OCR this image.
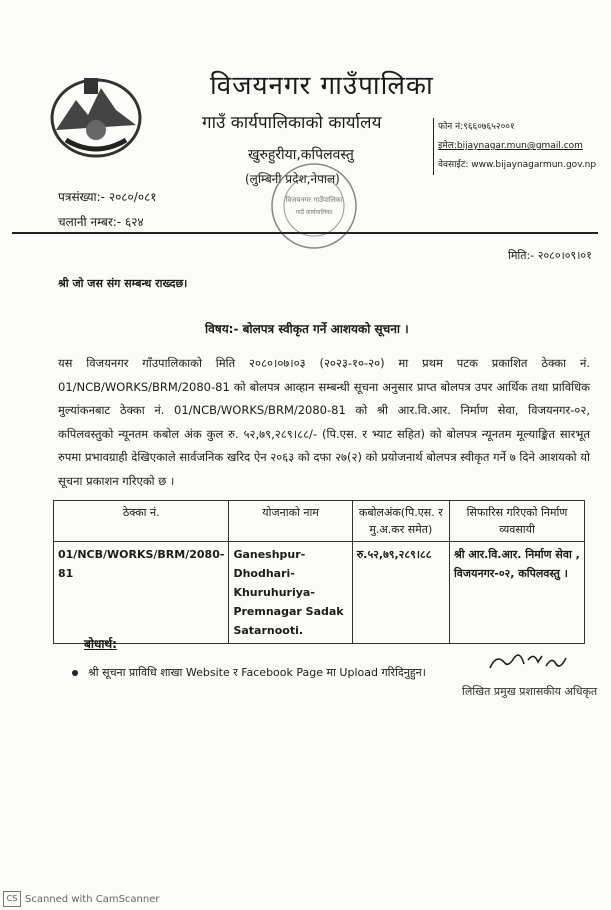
विजयनगर गाउँपालिका
गाउँ कार्यपालिकाको कार्यालय
खुरुहुरीया,कपिलवस्तु
(लुम्बिनी प्रदेश,नेपाल)
फोन नं:९६६०७६५२००१
इमेल:bijaynagar.mun@gmail.com
वेवसाईट: www.bijaynagarmun.gov.np
पत्रसंख्या:- २०८०/०८१
चलानी नम्बर:- ६२४
विजयनगर गाउँपालिका
गाउँ कार्यपालिका
मिति:- २०८०।०९।०१
श्री जो जस संग सम्बन्ध राख्दछ।
विषय:- बोलपत्र स्वीकृत गर्ने आशयको सूचना ।
यस विजयनगर गाँउपालिकाको मिति २०८०।०७।०३ (२०२३-१०-२०) मा प्रथम पटक प्रकाशित ठेक्का नं. 01/NCB/WORKS/BRM/2080-81 को बोलपत्र आव्हान सम्बन्धी सूचना अनुसार प्राप्त बोलपत्र उपर आर्थिक तथा प्राविधिक मुल्यांकनबाट ठेक्का नं. 01/NCB/WORKS/BRM/2080-81 को श्री आर.वि.आर. निर्माण सेवा, विजयनगर-०२, कपिलवस्तुको न्यूनतम कबोल अंक कुल रु. ५२,७९,२८९।८८/- (पि.एस. र भ्याट सहित) को बोलपत्र न्यूनतम मूल्याङ्कित सारभूत रुपमा प्रभावग्राही देखिएकाले सार्वजनिक खरिद ऐन २०६३ को दफा २७(२) को प्रयोजनार्थ बोलपत्र स्वीकृत गर्ने ७ दिने आशयको यो सूचना प्रकाशन गरिएको छ ।
ठेक्का नं.	योजनाको नाम	कबोलअंक(पि.एस. र मु.अ.कर समेत)	सिफारिस गरिएको निर्माण व्यवसायी
01/NCB/WORKS/BRM/2080-81	Ganeshpur-Dhodhari-Khuruhuriya-Premnagar Sadak Satarnooti.	रु.५२,७९,२८९।८८	श्री आर.वि.आर. निर्माण सेवा , विजयनगर-०२, कपिलवस्तु ।
बोधार्थ:
श्री सूचना प्राविधि शाखा Website र Facebook Page मा Upload गरिदिनुहुन।
लिखित प्रमुख प्रशासकीय अधिकृत
CS Scanned with CamScanner
